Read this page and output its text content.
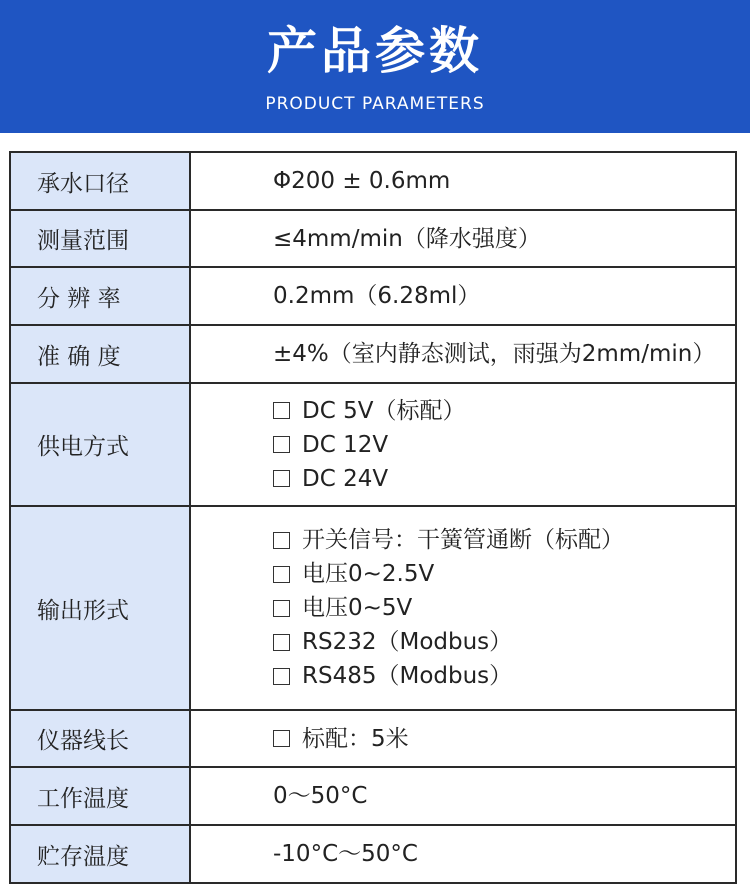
产品参数
PRODUCT PARAMETERS
承水口径	Φ200 ± 0.6mm

测量范围	≤4mm/min（降水强度）

分 辨 率	0.2mm（6.28ml）

准 确 度	±4%（室内静态测试，雨强为2mm/min）

供电方式	DC 5V（标配）
DC 12V
DC 24V

输出形式	开关信号：干簧管通断（标配）
电压0~2.5V
电压0~5V
RS232（Modbus）
RS485（Modbus）

仪器线长	标配：5米

工作温度	0～50°C

贮存温度	-10°C～50°C
